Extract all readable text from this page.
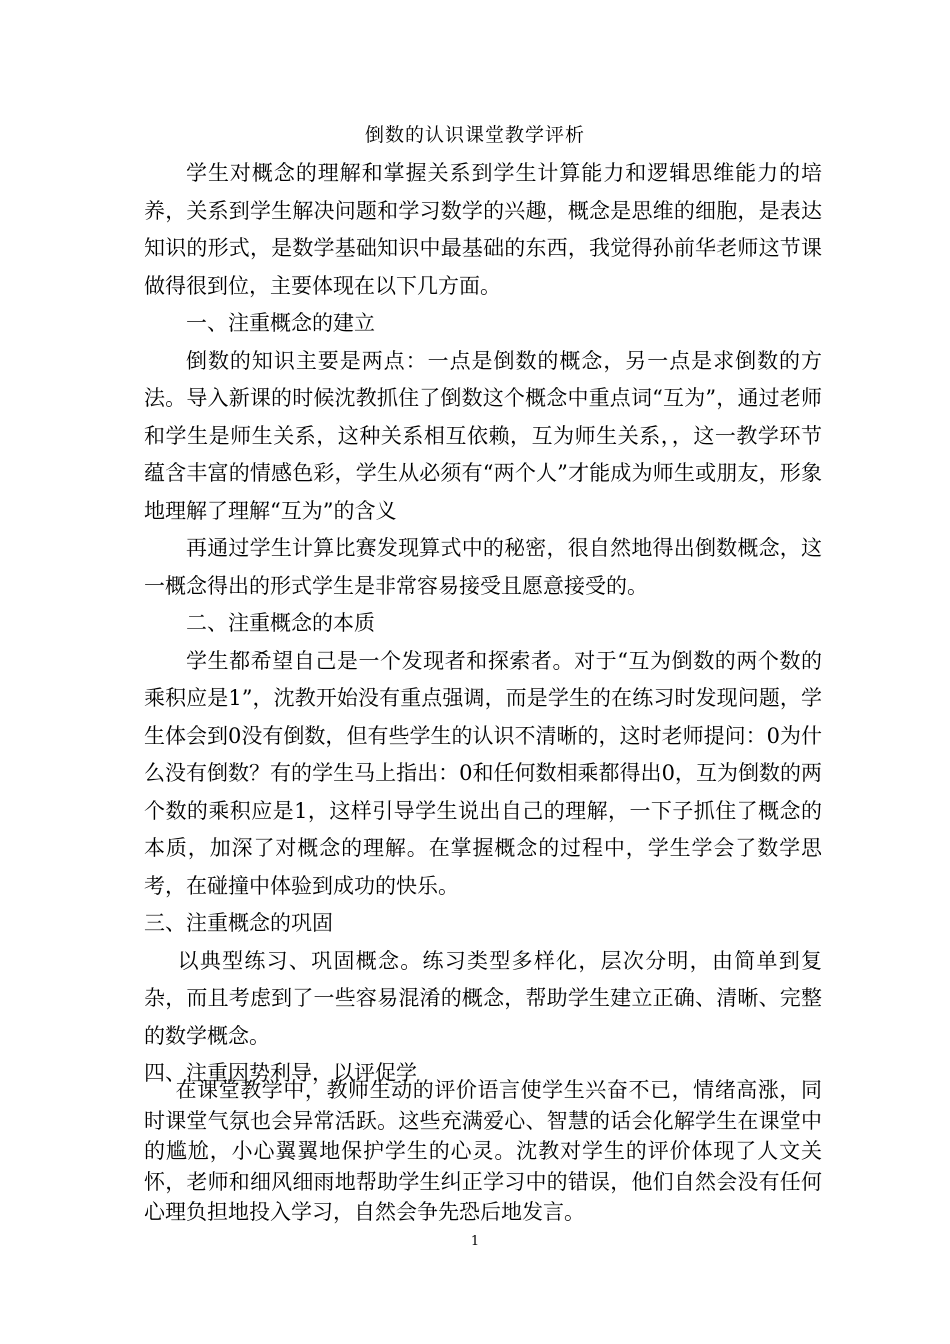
倒数的认识课堂教学评析

学生对概念的理解和掌握关系到学生计算能力和逻辑思维能力的培养，关系到学生解决问题和学习数学的兴趣，概念是思维的细胞，是表达知识的形式，是数学基础知识中最基础的东西，我觉得孙前华老师这节课做得很到位，主要体现在以下几方面。

一、注重概念的建立

倒数的知识主要是两点：一点是倒数的概念，另一点是求倒数的方法。导入新课的时候沈教抓住了倒数这个概念中重点词“互为”，通过老师和学生是师生关系，这种关系相互依赖，互为师生关系，，这一教学环节蕴含丰富的情感色彩，学生从必须有“两个人”才能成为师生或朋友，形象地理解了理解“互为”的含义

再通过学生计算比赛发现算式中的秘密，很自然地得出倒数概念，这一概念得出的形式学生是非常容易接受且愿意接受的。

二、注重概念的本质

学生都希望自己是一个发现者和探索者。对于“互为倒数的两个数的乘积应是1”，沈教开始没有重点强调，而是学生的在练习时发现问题，学生体会到0没有倒数，但有些学生的认识不清晰的，这时老师提问：0为什么没有倒数？有的学生马上指出：0和任何数相乘都得出0，互为倒数的两个数的乘积应是1，这样引导学生说出自己的理解，一下子抓住了概念的本质，加深了对概念的理解。在掌握概念的过程中，学生学会了数学思考，在碰撞中体验到成功的快乐。

三、注重概念的巩固

以典型练习、巩固概念。练习类型多样化，层次分明，由简单到复杂，而且考虑到了一些容易混淆的概念，帮助学生建立正确、清晰、完整的数学概念。

四、注重因势利导，以评促学

在课堂教学中，教师生动的评价语言使学生兴奋不已，情绪高涨，同时课堂气氛也会异常活跃。这些充满爱心、智慧的话会化解学生在课堂中的尴尬，小心翼翼地保护学生的心灵。沈教对学生的评价体现了人文关怀，老师和细风细雨地帮助学生纠正学习中的错误，他们自然会没有任何心理负担地投入学习，自然会争先恐后地发言。

1
